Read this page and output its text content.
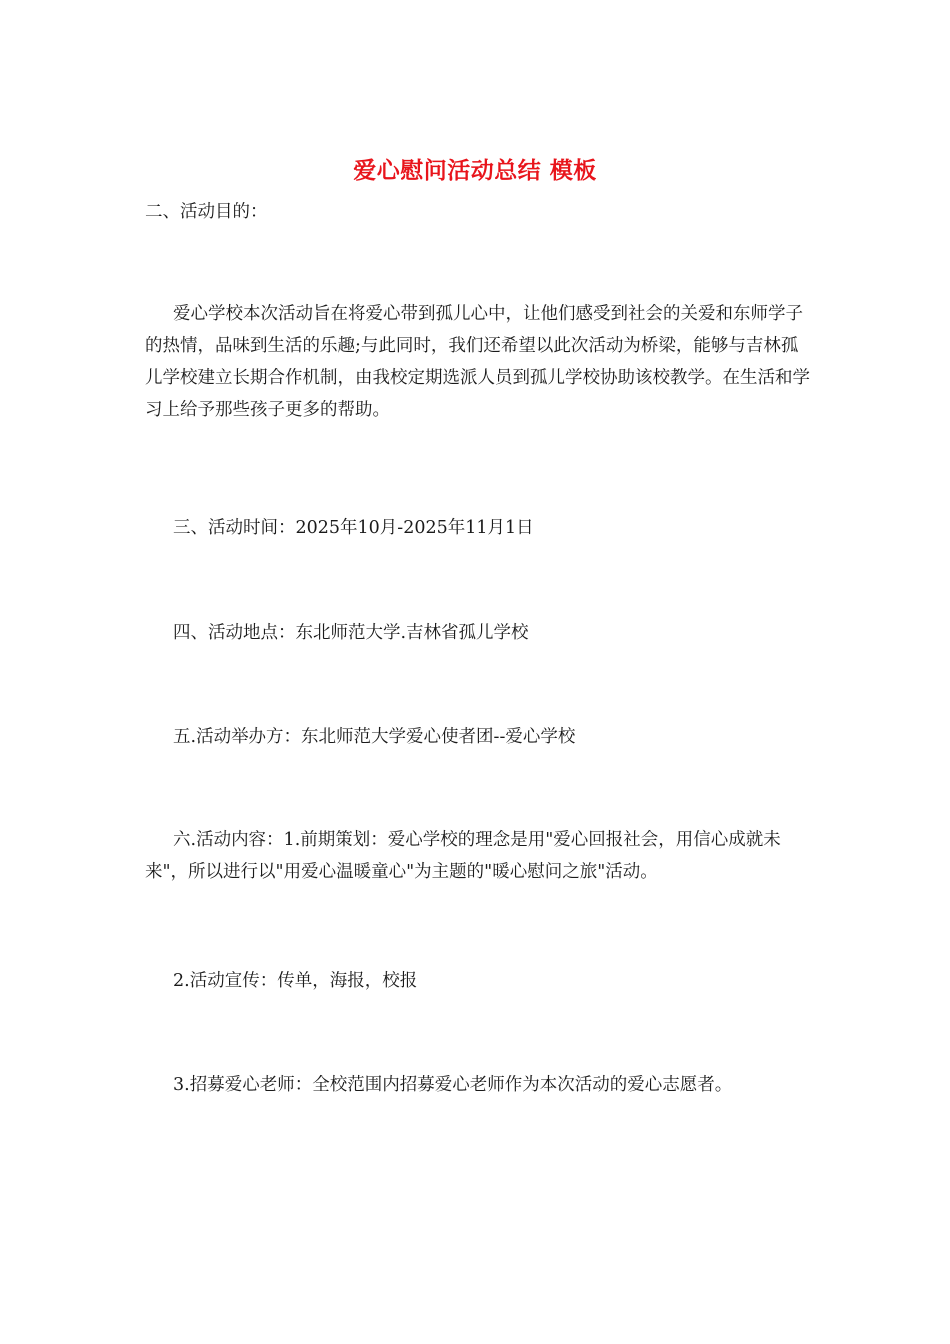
爱心慰问活动总结 模板

二、活动目的：

爱心学校本次活动旨在将爱心带到孤儿心中，让他们感受到社会的关爱和东师学子的热情，品味到生活的乐趣;与此同时，我们还希望以此次活动为桥梁，能够与吉林孤儿学校建立长期合作机制，由我校定期选派人员到孤儿学校协助该校教学。在生活和学习上给予那些孩子更多的帮助。

三、活动时间：2025年10月-2025年11月1日

四、活动地点：东北师范大学.吉林省孤儿学校

五.活动举办方：东北师范大学爱心使者团--爱心学校

六.活动内容：1.前期策划：爱心学校的理念是用"爱心回报社会，用信心成就未来"，所以进行以"用爱心温暖童心"为主题的"暖心慰问之旅"活动。

2.活动宣传：传单，海报，校报

3.招募爱心老师：全校范围内招募爱心老师作为本次活动的爱心志愿者。
